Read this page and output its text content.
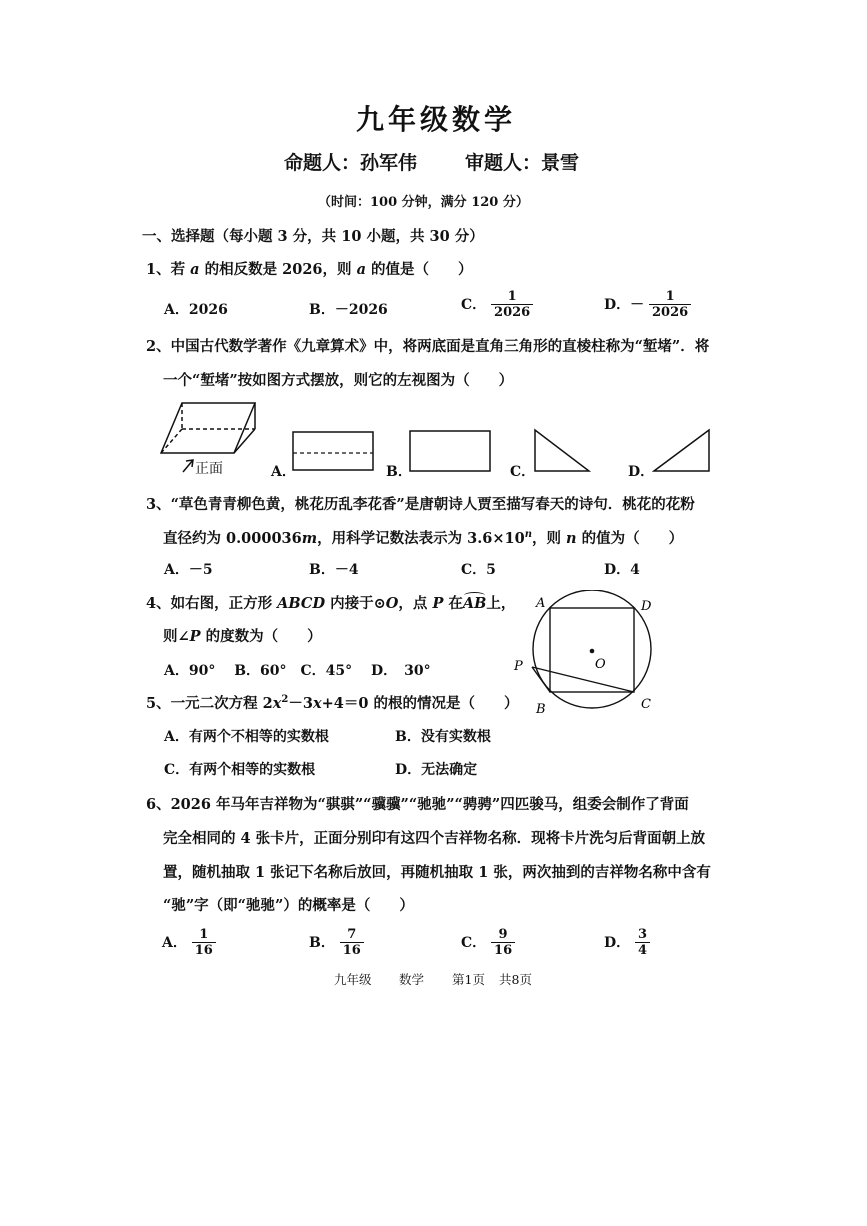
九年级数学
命题人：孙军伟	审题人：景雪
（时间：100 分钟，满分 120 分）
一、选择题（每小题 3 分，共 10 小题，共 30 分）
1、若 a 的相反数是 2026，则 a 的值是（　　）
A．2026	B．－2026	C． $\frac{1}{2026}$	D．－ $\frac{1}{2026}$
2、中国古代数学著作《九章算术》中，将两底面是直角三角形的直棱柱称为“堑堵”．将
一个“堑堵”按如图方式摆放，则它的左视图为（　　）
正面	A．	B．	C．	D．
3、“草色青青柳色黄，桃花历乱李花香”是唐朝诗人贾至描写春天的诗句．桃花的花粉
直径约为 0.000036m，用科学记数法表示为 $3.6\times 10^n$，则 n 的值为（　　）
A．－5	B．－4	C．5	D．4
4、如右图，正方形 ABCD 内接于⊙O，点 P 在
AB上，
则∠P 的度数为（　　）
A．90°　 B．60°　C．45°　 D．　30°
A	D
O
P
B	C
5、一元二次方程 $2x^2-3x+4=0$ 的根的情况是（　　）
A．有两个不相等的实数根	B．没有实数根
C．有两个相等的实数根	D．无法确定
6、2026 年马年吉祥物为“骐骐”“骥骥”“驰驰”“骋骋”四匹骏马，组委会制作了背面
完全相同的 4 张卡片，正面分别印有这四个吉祥物名称．现将卡片洗匀后背面朝上放
置，随机抽取 1 张记下名称后放回，再随机抽取 1 张，两次抽到的吉祥物名称中含有
“驰”字（即“驰驰”）的概率是（　　）
A． $\frac{1}{16}$	B． $\frac{7}{16}$	C． $\frac{9}{16}$	D． $\frac{3}{4}$
九年级 数学 第1页 共8页
